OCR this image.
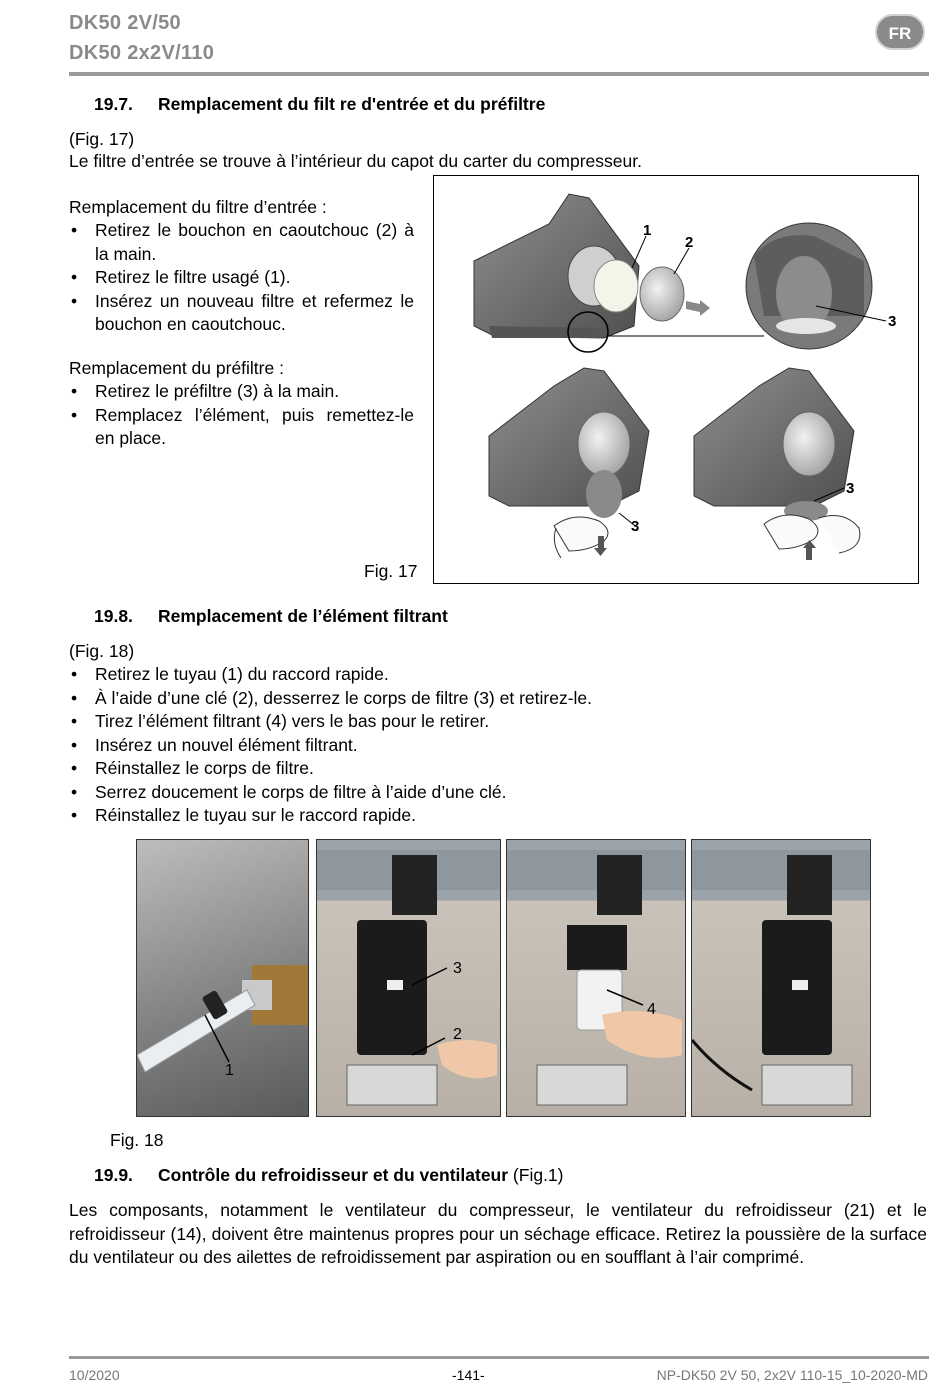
DK50 2V/50
DK50 2x2V/110
FR
19.7. Remplacement du filt re d'entrée et du préfiltre

(Fig. 17)

Le filtre d’entrée se trouve à l’intérieur du capot du carter du compresseur.

Remplacement du filtre d’entrée :

• Retirez le bouchon en caoutchouc (2) à la main.
• Retirez le filtre usagé (1).
• Insérez un nouveau filtre et refermez le bouchon en caoutchouc.

Remplacement du préfiltre :

• Retirez le préfiltre (3) à la main.
• Remplacez l’élément, puis remettez-le en place.

Fig. 17

1
2
3
3
3
19.8. Remplacement de l’élément filtrant

(Fig. 18)

• Retirez le tuyau (1) du raccord rapide.
• À l’aide d’une clé (2), desserrez le corps de filtre (3) et retirez-le.
• Tirez l’élément filtrant (4) vers le bas pour le retirer.
• Insérez un nouvel élément filtrant.
• Réinstallez le corps de filtre.
• Serrez doucement le corps de filtre à l’aide d’une clé.
• Réinstallez le tuyau sur le raccord rapide.
1
3
2
4

Fig. 18

19.9. Contrôle du refroidisseur et du ventilateur (Fig.1)

Les composants, notamment le ventilateur du compresseur, le ventilateur du refroidisseur (21) et le refroidisseur (14), doivent être maintenus propres pour un séchage efficace. Retirez la poussière de la surface du ventilateur ou des ailettes de refroidissement par aspiration ou en soufflant à l’air comprimé.

10/2020	-141-	NP-DK50 2V 50, 2x2V 110-15_10-2020-MD
